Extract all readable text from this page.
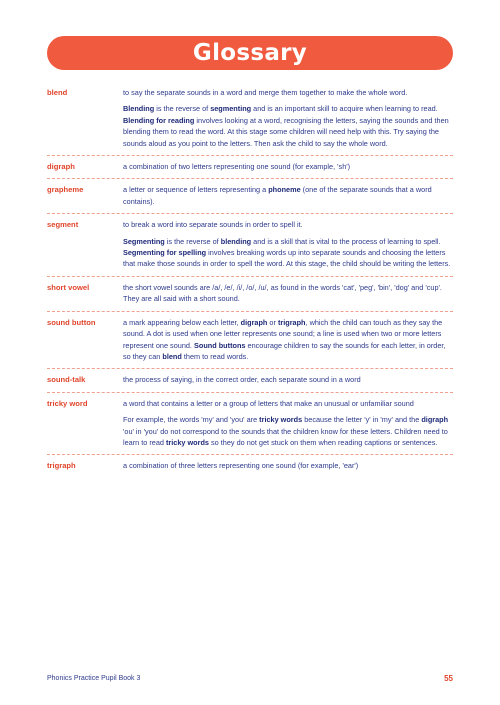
Glossary
blend	to say the separate sounds in a word and merge them together to make the whole word.

Blending is the reverse of segmenting and is an important skill to acquire when learning to read. Blending for reading involves looking at a word, recognising the letters, saying the sounds and then blending them to read the word. At this stage some children will need help with this. Try saying the sounds aloud as you point to the letters. Then ask the child to say the whole word.

digraph	a combination of two letters representing one sound (for example, 'sh')

grapheme	a letter or sequence of letters representing a phoneme (one of the separate sounds that a word contains).

segment	to break a word into separate sounds in order to spell it.

Segmenting is the reverse of blending and is a skill that is vital to the process of learning to spell. Segmenting for spelling involves breaking words up into separate sounds and choosing the letters that make those sounds in order to spell the word. At this stage, the child should be writing the letters.

short vowel	the short vowel sounds are /a/, /e/, /i/, /o/, /u/, as found in the words 'cat', 'peg', 'bin', 'dog' and 'cup'. They are all said with a short sound.

sound button	a mark appearing below each letter, digraph or trigraph, which the child can touch as they say the sound. A dot is used when one letter represents one sound; a line is used when two or more letters represent one sound. Sound buttons encourage children to say the sounds for each letter, in order, so they can blend them to read words.

sound-talk	the process of saying, in the correct order, each separate sound in a word

tricky word	a word that contains a letter or a group of letters that make an unusual or unfamiliar sound

For example, the words 'my' and 'you' are tricky words because the letter 'y' in 'my' and the digraph 'ou' in 'you' do not correspond to the sounds that the children know for these letters. Children need to learn to read tricky words so they do not get stuck on them when reading captions or sentences.

trigraph	a combination of three letters representing one sound (for example, 'ear')

Phonics Practice Pupil Book 3	55
